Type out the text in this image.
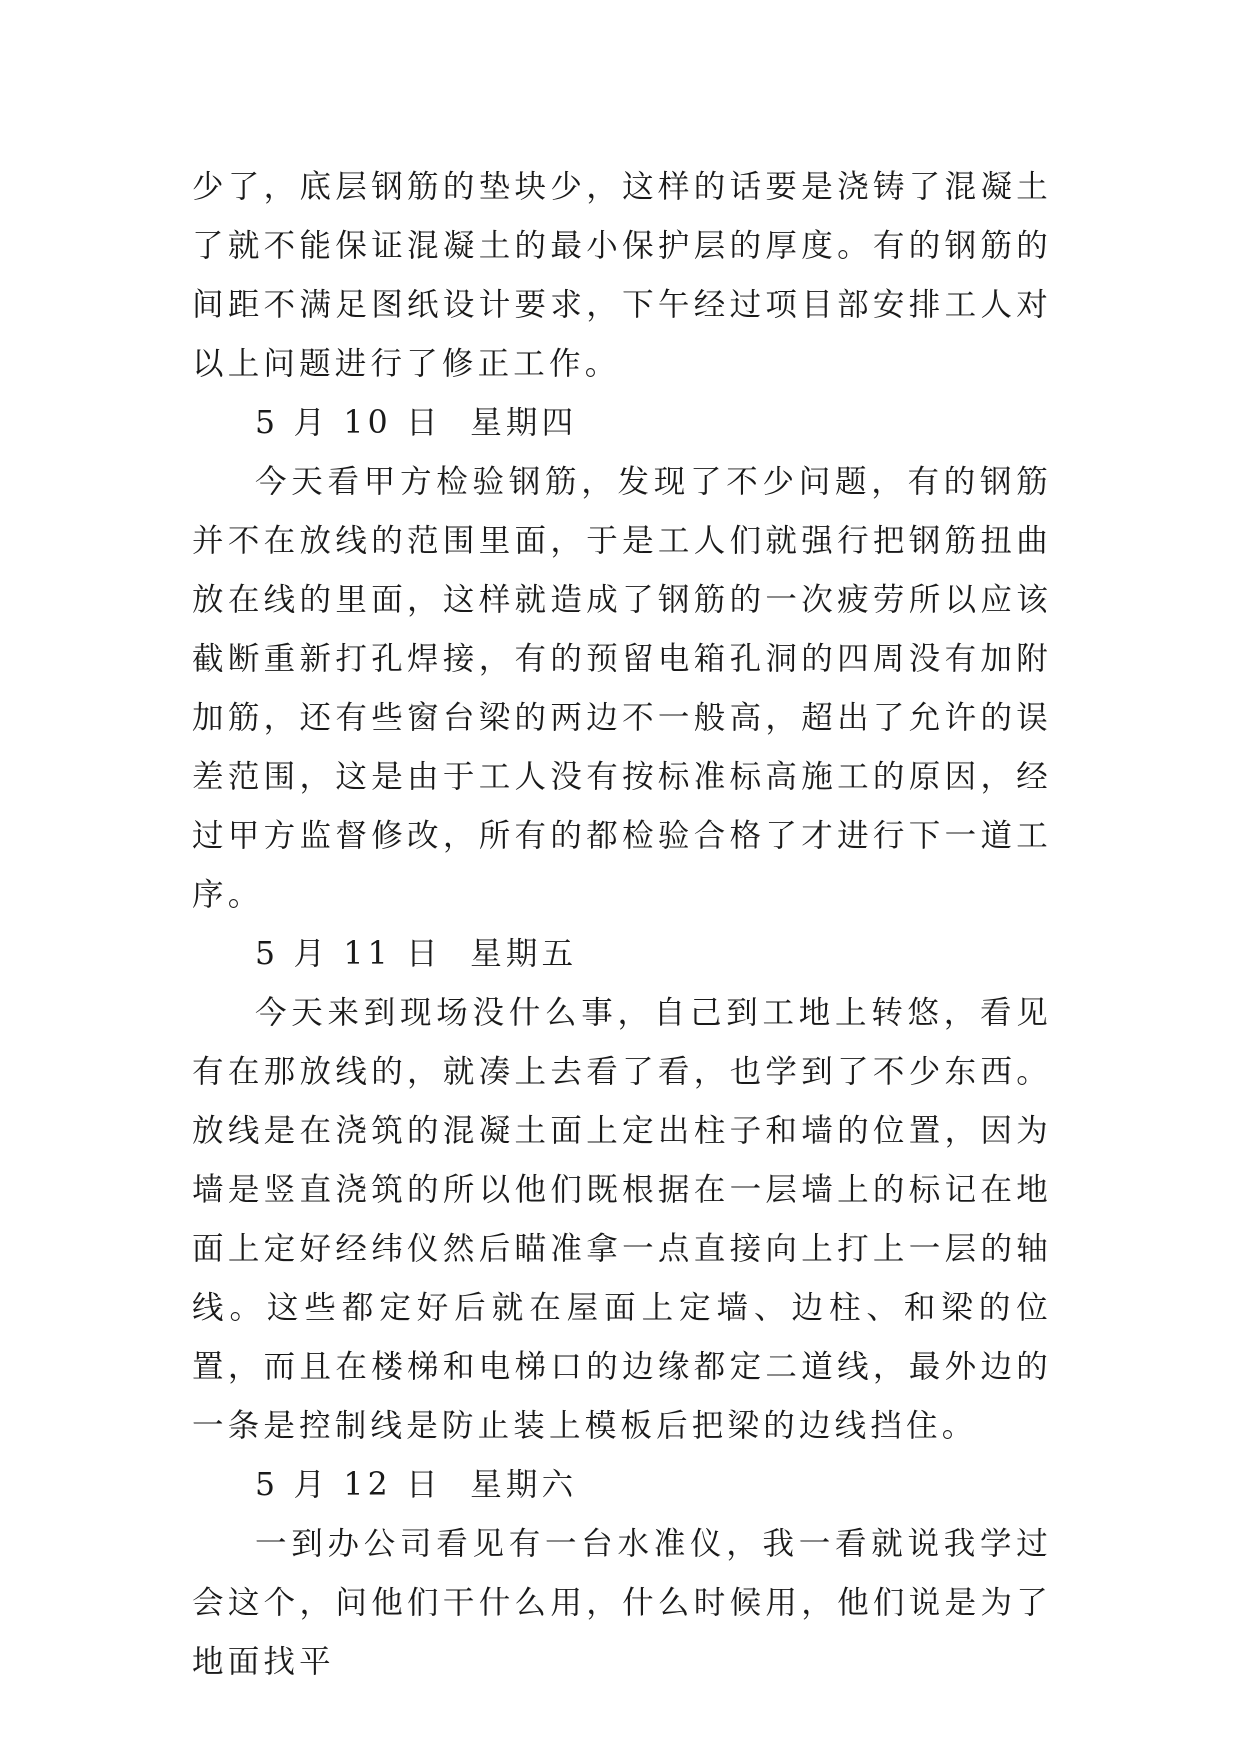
少了，底层钢筋的垫块少，这样的话要是浇铸了混凝土了就不能保证混凝土的最小保护层的厚度。有的钢筋的间距不满足图纸设计要求，下午经过项目部安排工人对以上问题进行了修正工作。

5 月 10 日  星期四

今天看甲方检验钢筋，发现了不少问题，有的钢筋并不在放线的范围里面，于是工人们就强行把钢筋扭曲放在线的里面，这样就造成了钢筋的一次疲劳所以应该截断重新打孔焊接，有的预留电箱孔洞的四周没有加附加筋，还有些窗台梁的两边不一般高，超出了允许的误差范围，这是由于工人没有按标准标高施工的原因，经过甲方监督修改，所有的都检验合格了才进行下一道工序。

5 月 11 日  星期五

今天来到现场没什么事，自己到工地上转悠，看见有在那放线的，就凑上去看了看，也学到了不少东西。放线是在浇筑的混凝土面上定出柱子和墙的位置，因为墙是竖直浇筑的所以他们既根据在一层墙上的标记在地面上定好经纬仪然后瞄准拿一点直接向上打上一层的轴线。这些都定好后就在屋面上定墙、边柱、和梁的位置，而且在楼梯和电梯口的边缘都定二道线，最外边的一条是控制线是防止装上模板后把梁的边线挡住。

5 月 12 日  星期六

一到办公司看见有一台水准仪，我一看就说我学过会这个，问他们干什么用，什么时候用，他们说是为了地面找平
